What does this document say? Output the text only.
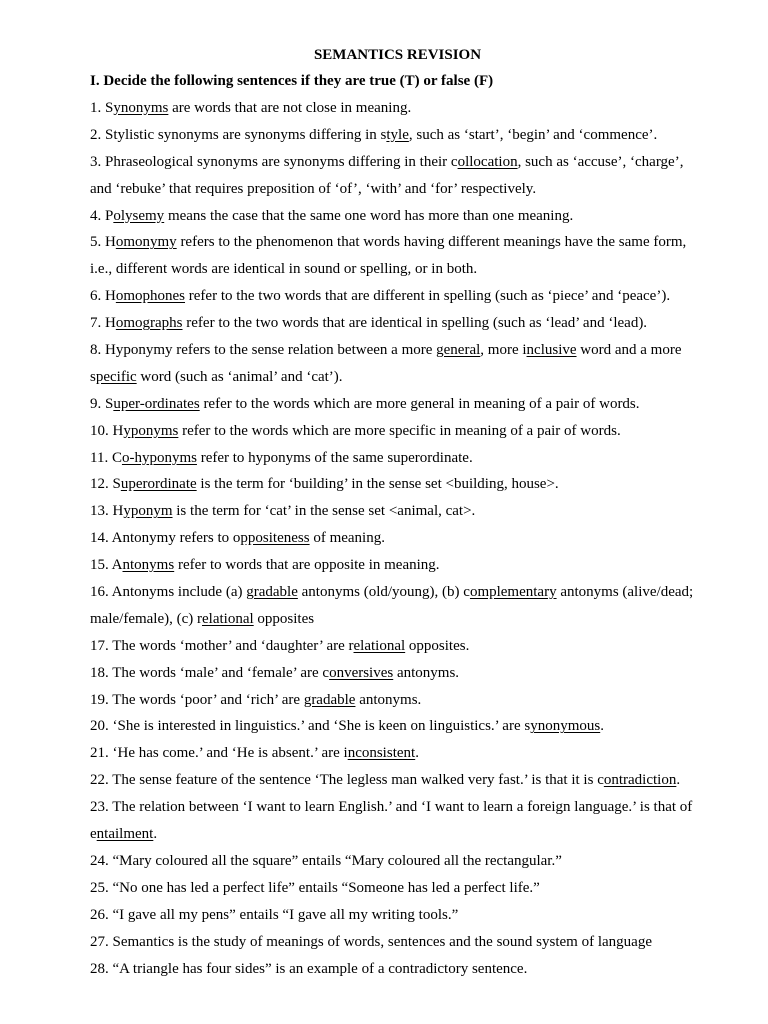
SEMANTICS REVISION
I. Decide the following sentences if they are true (T) or false (F)
1. Synonyms are words that are not close in meaning.
2. Stylistic synonyms are synonyms differing in style, such as ‘start’, ‘begin’ and ‘commence’.
3. Phraseological synonyms are synonyms differing in their collocation, such as ‘accuse’, ‘charge’,
and ‘rebuke’ that requires preposition of ‘of’, ‘with’ and ‘for’ respectively.
4. Polysemy means the case that the same one word has more than one meaning.
5. Homonymy refers to the phenomenon that words having different meanings have the same form,
i.e., different words are identical in sound or spelling, or in both.
6. Homophones refer to the two words that are different in spelling (such as ‘piece’ and ‘peace’).
7. Homographs refer to the two words that are identical in spelling (such as ‘lead’ and ‘lead).
8. Hyponymy refers to the sense relation between a more general, more inclusive word and a more
specific word (such as ‘animal’ and ‘cat’).
9. Super-ordinates refer to the words which are more general in meaning of a pair of words.
10. Hyponyms refer to the words which are more specific in meaning of a pair of words.
11. Co-hyponyms refer to hyponyms of the same superordinate.
12. Superordinate is the term for ‘building’ in the sense set <building, house>.
13. Hyponym is the term for ‘cat’ in the sense set <animal, cat>.
14. Antonymy refers to oppositeness of meaning.
15. Antonyms refer to words that are opposite in meaning.
16. Antonyms include (a) gradable antonyms (old/young), (b) complementary antonyms (alive/dead;
male/female), (c) relational opposites
17. The words ‘mother’ and ‘daughter’ are relational opposites.
18. The words ‘male’ and ‘female’ are conversives antonyms.
19. The words ‘poor’ and ‘rich’ are gradable antonyms.
20. ‘She is interested in linguistics.’ and ‘She is keen on linguistics.’ are synonymous.
21. ‘He has come.’ and ‘He is absent.’ are inconsistent.
22. The sense feature of the sentence ‘The legless man walked very fast.’ is that it is contradiction.
23. The relation between ‘I want to learn English.’ and ‘I want to learn a foreign language.’ is that of
entailment.
24. “Mary coloured all the square” entails “Mary coloured all the rectangular.”
25. “No one has led a perfect life” entails “Someone has led a perfect life.”
26. “I gave all my pens” entails “I gave all my writing tools.”
27. Semantics is the study of meanings of words, sentences and the sound system of language
28. “A triangle has four sides” is an example of a contradictory sentence.
